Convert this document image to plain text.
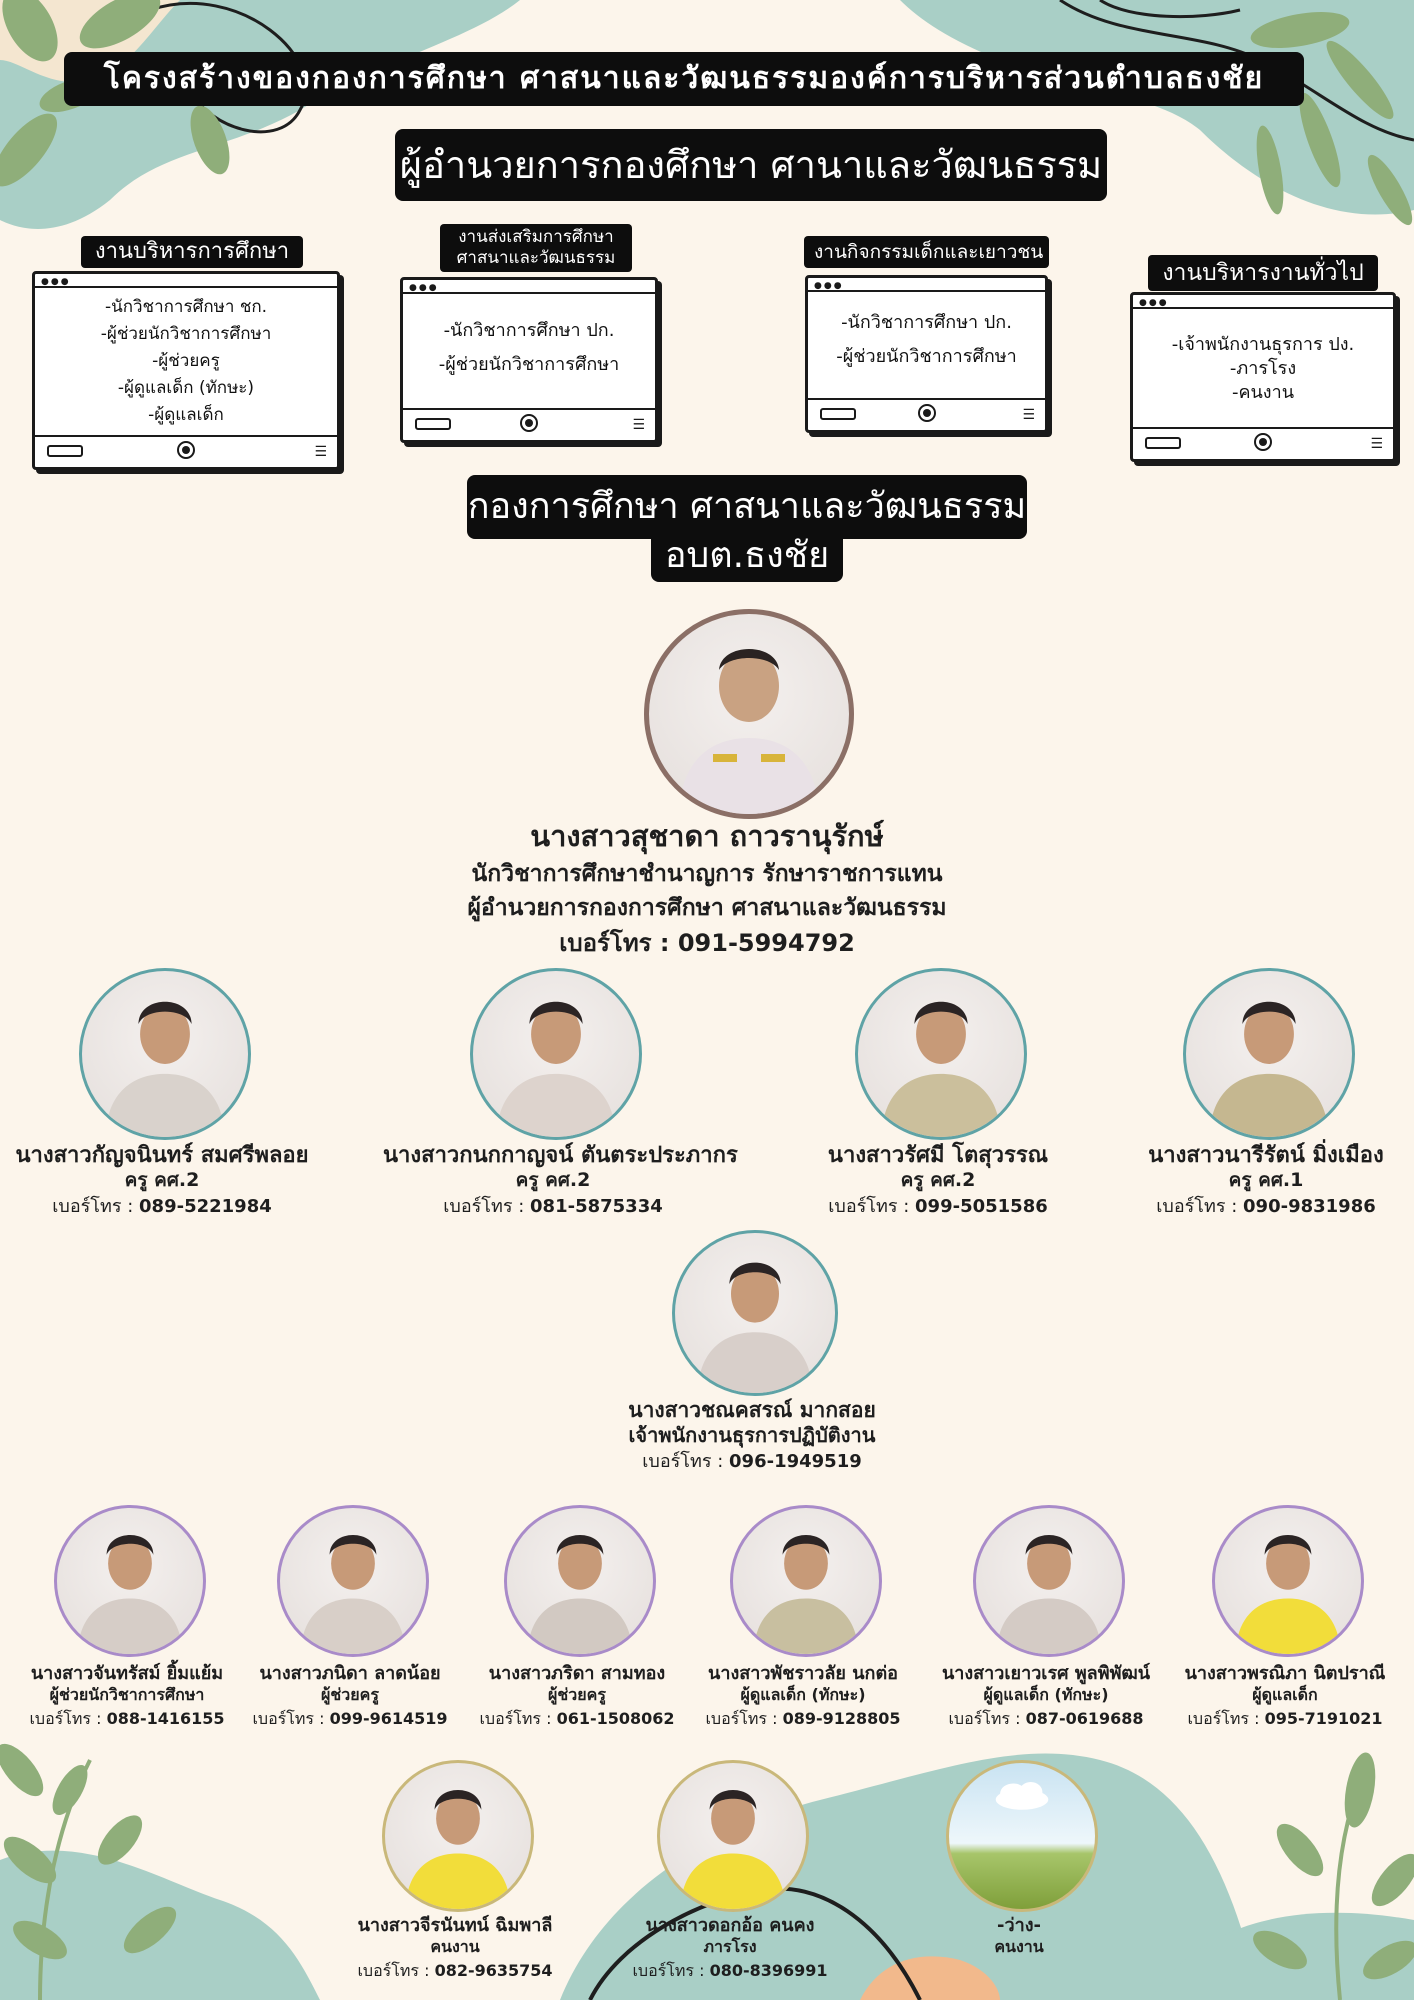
โครงสร้างของกองการศึกษา ศาสนาและวัฒนธรรมองค์การบริหารส่วนตำบลธงชัย
ผู้อำนวยการกองศึกษา ศานาและวัฒนธรรม
●●●
-นักวิชาการศึกษา ชก.
-ผู้ช่วยนักวิชาการศึกษา
-ผู้ช่วยครู
-ผู้ดูแลเด็ก (ทักษะ)
-ผู้ดูแลเด็ก
☰
งานบริหารการศึกษา
●●●
-นักวิชาการศึกษา ปก.
-ผู้ช่วยนักวิชาการศึกษา
☰
งานส่งเสริมการศึกษา
ศาสนาและวัฒนธรรม
●●●
-นักวิชาการศึกษา ปก.
-ผู้ช่วยนักวิชาการศึกษา
☰
งานกิจกรรมเด็กและเยาวชน
●●●
-เจ้าพนักงานธุรการ ปง.
-ภารโรง
-คนงาน
☰
งานบริหารงานทั่วไป
กองการศึกษา ศาสนาและวัฒนธรรม
อบต.ธงชัย
นางสาวสุชาดา ถาวรานุรักษ์
นักวิชาการศึกษาชำนาญการ รักษาราชการแทน
ผู้อำนวยการกองการศึกษา ศาสนาและวัฒนธรรม
เบอร์โทร : 091-5994792
นางสาวกัญจนินทร์ สมศรีพลอย
ครู คศ.2
เบอร์โทร : 089-5221984
นางสาวกนกกาญจน์ ตันตระประภากร
ครู คศ.2
เบอร์โทร : 081-5875334
นางสาวรัศมี โตสุวรรณ
ครู คศ.2
เบอร์โทร : 099-5051586
นางสาวนารีรัตน์ มิ่งเมือง
ครู คศ.1
เบอร์โทร : 090-9831986
นางสาวชณคสรณ์ มากสอย
เจ้าพนักงานธุรการปฏิบัติงาน
เบอร์โทร : 096-1949519
นางสาวจันทรัสม์ ยิ้มแย้ม
ผู้ช่วยนักวิชาการศึกษา
เบอร์โทร : 088-1416155
นางสาวภนิดา ลาดน้อย
ผู้ช่วยครู
เบอร์โทร : 099-9614519
นางสาวภริดา สามทอง
ผู้ช่วยครู
เบอร์โทร : 061-1508062
นางสาวพัชราวลัย นกต่อ
ผู้ดูแลเด็ก (ทักษะ)
เบอร์โทร : 089-9128805
นางสาวเยาวเรศ พูลพิพัฒน์
ผู้ดูแลเด็ก (ทักษะ)
เบอร์โทร : 087-0619688
นางสาวพรณิภา นิตปราณี
ผู้ดูแลเด็ก
เบอร์โทร : 095-7191021
นางสาวจีรนันทน์ ฉิมพาลี
คนงาน
เบอร์โทร : 082-9635754
นางสาวดอกอ้อ คนคง
ภารโรง
เบอร์โทร : 080-8396991
-ว่าง-
คนงาน
